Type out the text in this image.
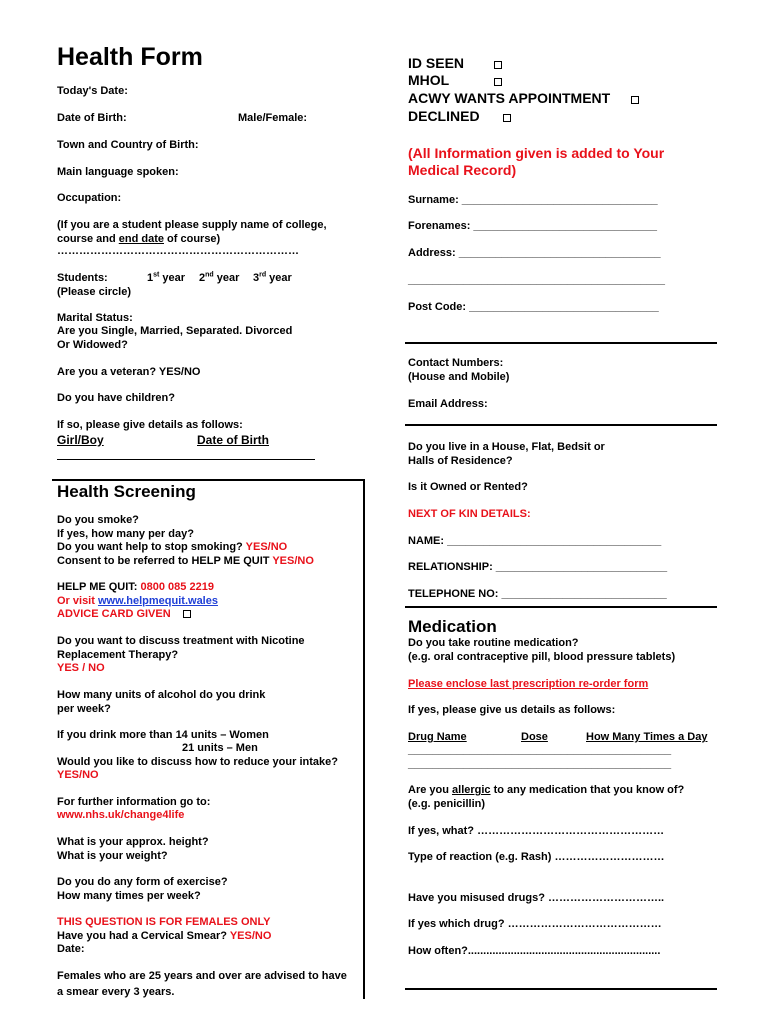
Health Form
Today's Date:
Date of Birth:	Male/Female:
Town and Country of Birth:
Main language spoken:
Occupation:
(If you are a student please supply name of college,
course and end date of course)
…………………………………………………………
Students:	1st year 2nd year 3rd year
(Please circle)
Marital Status:
Are you Single, Married, Separated. Divorced
Or Widowed?
Are you a veteran? YES/NO
Do you have children?
If so, please give details as follows:
Girl/Boy	Date of Birth
Health Screening
Do you smoke?
If yes, how many per day?
Do you want help to stop smoking? YES/NO
Consent to be referred to HELP ME QUIT YES/NO
HELP ME QUIT: 0800 085 2219
Or visit www.helpmequit.wales
ADVICE CARD GIVEN
Do you want to discuss treatment with Nicotine
Replacement Therapy?
YES / NO
How many units of alcohol do you drink
per week?
If you drink more than 14 units – Women
21 units – Men
Would you like to discuss how to reduce your intake?
YES/NO
For further information go to:
www.nhs.uk/change4life
What is your approx. height?
What is your weight?
Do you do any form of exercise?
How many times per week?
THIS QUESTION IS FOR FEMALES ONLY
Have you had a Cervical Smear? YES/NO
Date:
Females who are 25 years and over are advised to have
a smear every 3 years.
ID SEEN
MHOL
ACWY WANTS APPOINTMENT
DECLINED
(All Information given is added to Your
Medical Record)
Surname: ________________________________
Forenames: ______________________________
Address: _________________________________
__________________________________________
Post Code: _______________________________
Contact Numbers:
(House and Mobile)
Email Address:
Do you live in a House, Flat, Bedsit or
Halls of Residence?
Is it Owned or Rented?
NEXT OF KIN DETAILS:
NAME: ___________________________________
RELATIONSHIP: ____________________________
TELEPHONE NO: ___________________________
Medication
Do you take routine medication?
(e.g. oral contraceptive pill, blood pressure tablets)
Please enclose last prescription re-order form
If yes, please give us details as follows:
Drug Name	Dose	How Many Times a Day
___________________________________________
___________________________________________
Are you allergic to any medication that you know of?
(e.g. penicillin)
If yes, what? ……………………………………………
Type of reaction (e.g. Rash) …………………………
Have you misused drugs? …………………………..
If yes which drug? ……………………………………
How often?...............................................................
